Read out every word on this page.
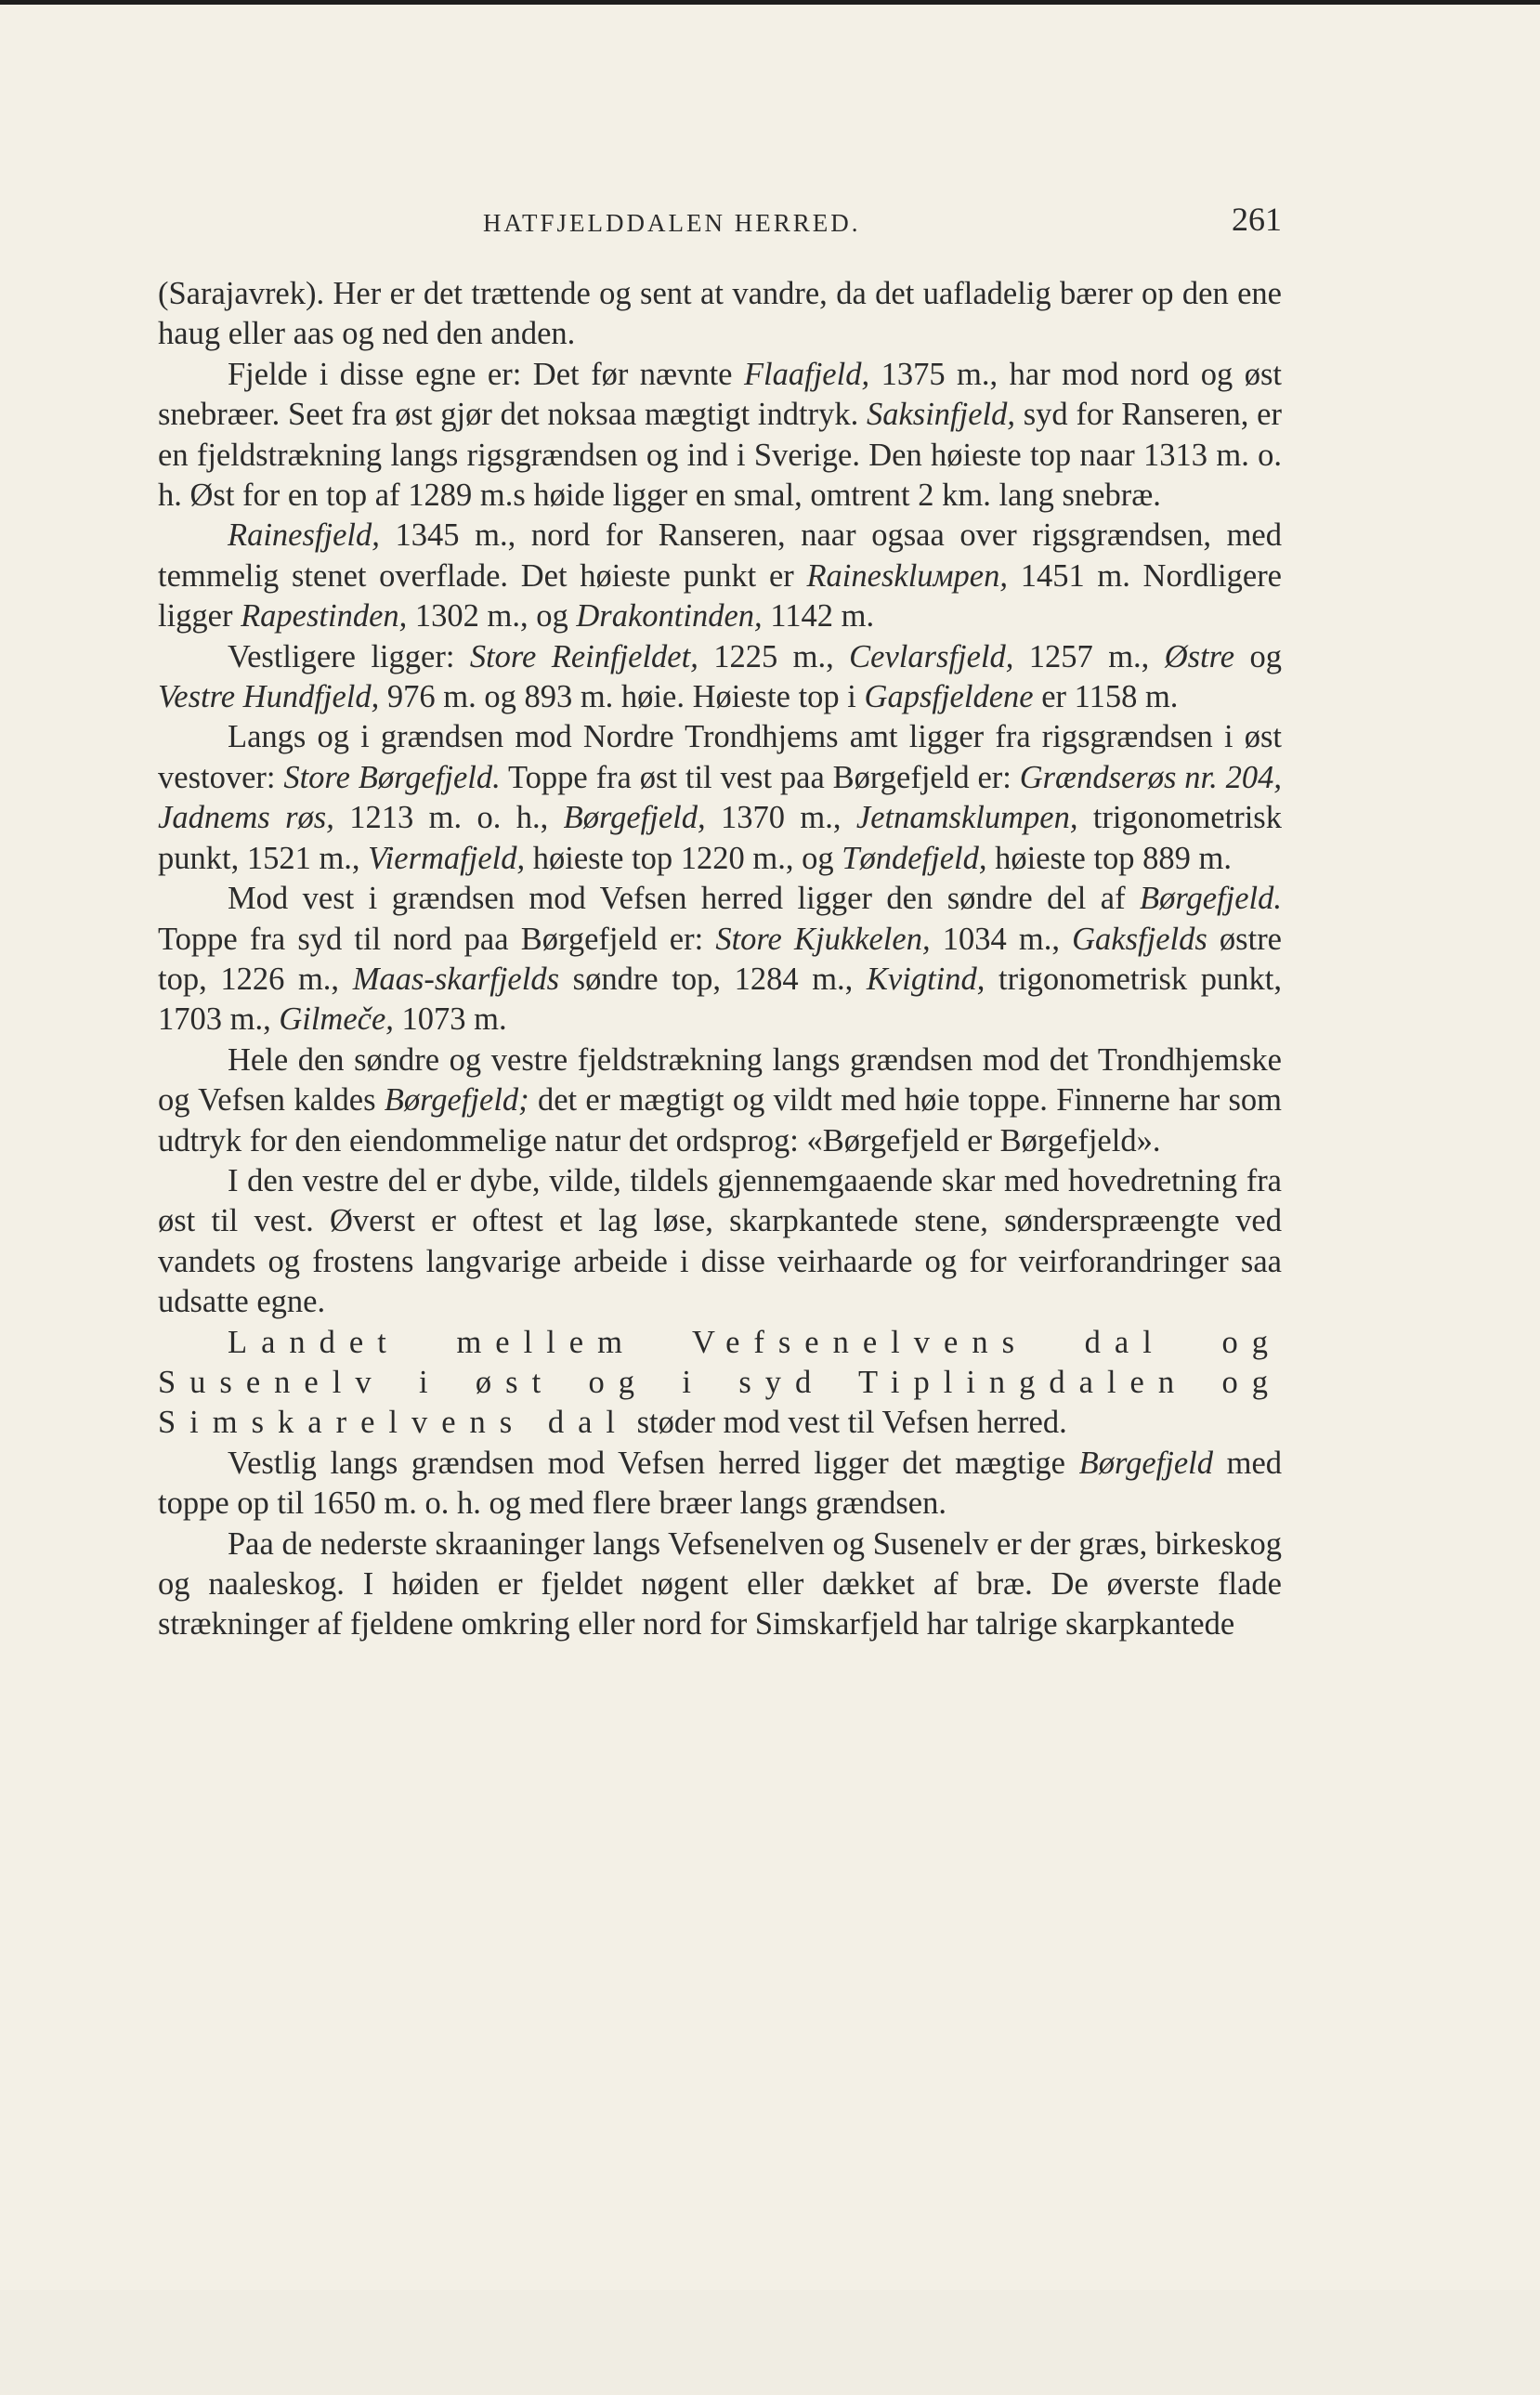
HATFJELDDALEN HERRED.	261

(Sarajavrek). Her er det trættende og sent at vandre, da det uafladelig bærer op den ene haug eller aas og ned den anden.

Fjelde i disse egne er: Det før nævnte Flaafjeld, 1375 m., har mod nord og øst snebræer. Seet fra øst gjør det noksaa mægtigt indtryk. Saksinfjeld, syd for Ranseren, er en fjeldstrækning langs rigsgrændsen og ind i Sverige. Den høieste top naar 1313 m. o. h. Øst for en top af 1289 m.s høide ligger en smal, omtrent 2 km. lang snebræ.

Rainesfjeld, 1345 m., nord for Ranseren, naar ogsaa over rigsgrændsen, med temmelig stenet overflade. Det høieste punkt er Raineskluмpen, 1451 m. Nordligere ligger Rapestinden, 1302 m., og Drakontinden, 1142 m.

Vestligere ligger: Store Reinfjeldet, 1225 m., Cevlarsfjeld, 1257 m., Østre og Vestre Hundfjeld, 976 m. og 893 m. høie. Høieste top i Gapsfjeldene er 1158 m.

Langs og i grændsen mod Nordre Trondhjems amt ligger fra rigsgrændsen i øst vestover: Store Børgefjeld. Toppe fra øst til vest paa Børgefjeld er: Grændserøs nr. 204, Jadnems røs, 1213 m. o. h., Børgefjeld, 1370 m., Jetnamsklumpen, trigonometrisk punkt, 1521 m., Viermafjeld, høieste top 1220 m., og Tøndefjeld, høieste top 889 m.

Mod vest i grændsen mod Vefsen herred ligger den søndre del af Børgefjeld. Toppe fra syd til nord paa Børgefjeld er: Store Kjukkelen, 1034 m., Gaksfjelds østre top, 1226 m., Maas-skarfjelds søndre top, 1284 m., Kvigtind, trigonometrisk punkt, 1703 m., Gilmeče, 1073 m.

Hele den søndre og vestre fjeldstrækning langs grændsen mod det Trondhjemske og Vefsen kaldes Børgefjeld; det er mægtigt og vildt med høie toppe. Finnerne har som udtryk for den eiendommelige natur det ordsprog: «Børgefjeld er Børgefjeld».

I den vestre del er dybe, vilde, tildels gjennemgaaende skar med hovedretning fra øst til vest. Øverst er oftest et lag løse, skarpkantede stene, sønderspræengte ved vandets og frostens langvarige arbeide i disse veirhaarde og for veirforandringer saa udsatte egne.

Landet mellem Vefsenelvens dal og Susenelv i øst og i syd Tiplingdalen og Simskarelvens dal støder mod vest til Vefsen herred.

Vestlig langs grændsen mod Vefsen herred ligger det mægtige Børgefjeld med toppe op til 1650 m. o. h. og med flere bræer langs grændsen.

Paa de nederste skraaninger langs Vefsenelven og Susenelv er der græs, birkeskog og naaleskog. I høiden er fjeldet nøgent eller dækket af bræ. De øverste flade strækninger af fjeldene omkring eller nord for Simskarfjeld har talrige skarpkantede
